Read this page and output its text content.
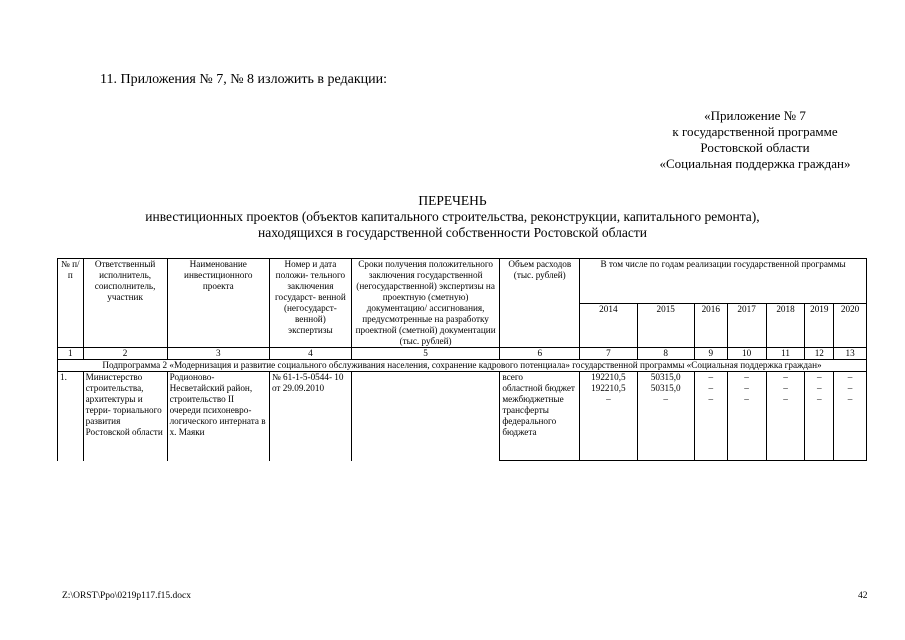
11. Приложения № 7, № 8 изложить в редакции:
«Приложение № 7
к государственной программе
Ростовской области
«Социальная поддержка граждан»
ПЕРЕЧЕНЬ
инвестиционных проектов (объектов капитального строительства, реконструкции, капитального ремонта),
находящихся в государственной собственности Ростовской области
№ п/п	Ответственный исполнитель, соисполнитель, участник	Наименование инвестиционного проекта	Номер и дата положи- тельного заключения государст- венной (негосударст- венной) экспертизы	Сроки получения положительного заключения государственной (негосударственной) экспертизы на проектную (сметную) документацию/ ассигнования, предусмотренные на разработку проектной (сметной) документации (тыс. рублей)	Объем расходов (тыс. рублей)	В том числе по годам реализации государственной программы						
						2014	2015	2016	2017	2018	2019	2020
1	2	3	4	5	6	7	8	9	10	11	12	13
Подпрограмма 2 «Модернизация и развитие социального обслуживания населения, сохранение кадрового потенциала» государственной программы «Социальная поддержка граждан»												
1.	Министерство строительства, архитектуры и терри- ториального развития Ростовской области	Родионово- Несветайский район, строительство II очереди психоневро- логического интерната в х. Маяки	№ 61-1-5-0544- 10 от 29.09.2010		всего	192210,5	50315,0	–	–	–	–	–
					областной бюджет	192210,5	50315,0	–	–	–	–	–
					межбюджетные трансферты федерального бюджета	–	–	–	–	–	–	–
Z:\ORST\Ppo\0219p117.f15.docx	42
